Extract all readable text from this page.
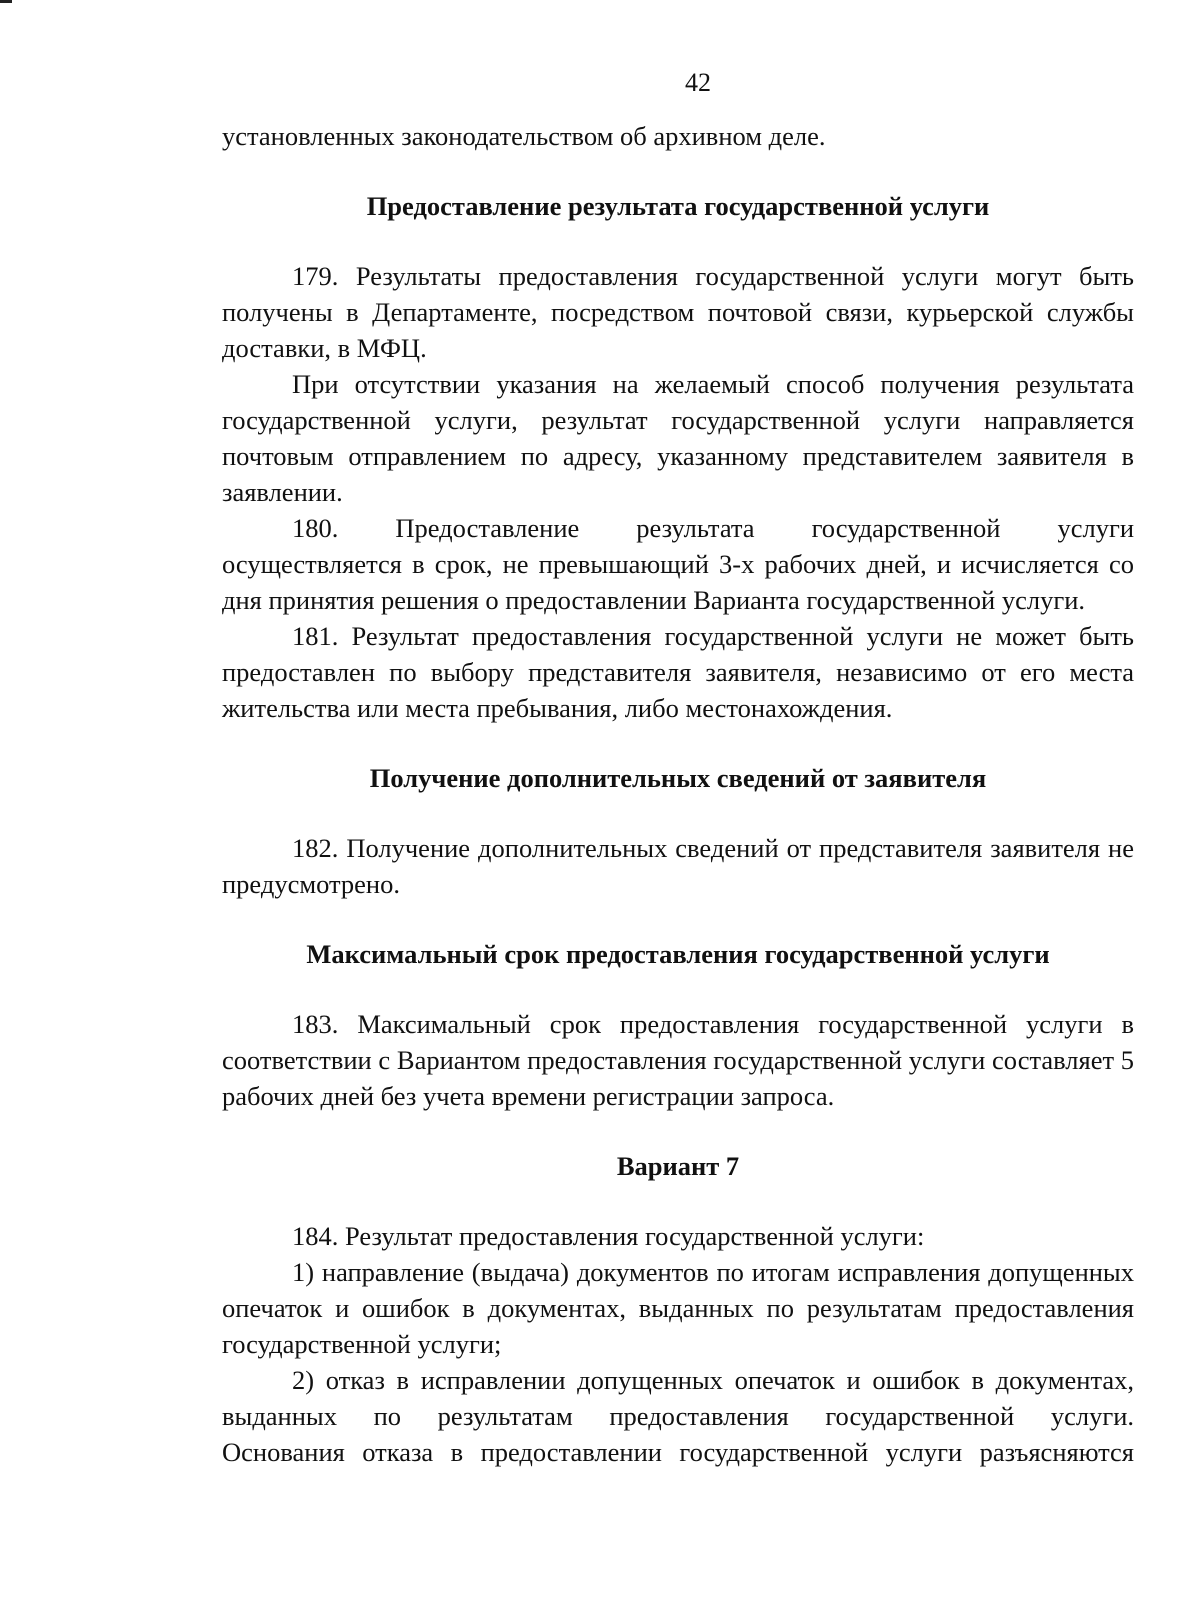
42

установленных законодательством об архивном деле.

Предоставление результата государственной услуги

179. Результаты предоставления государственной услуги могут быть получены в Департаменте, посредством почтовой связи, курьерской службы доставки, в МФЦ.

При отсутствии указания на желаемый способ получения результата государственной услуги, результат государственной услуги направляется почтовым отправлением по адресу, указанному представителем заявителя в заявлении.

180. Предоставление результата государственной услуги

осуществляется в срок, не превышающий 3-х рабочих дней, и исчисляется со дня принятия решения о предоставлении Варианта государственной услуги.

181. Результат предоставления государственной услуги не может быть предоставлен по выбору представителя заявителя, независимо от его места жительства или места пребывания, либо местонахождения.

Получение дополнительных сведений от заявителя

182. Получение дополнительных сведений от представителя заявителя не предусмотрено.

Максимальный срок предоставления государственной услуги

183. Максимальный срок предоставления государственной услуги в соответствии с Вариантом предоставления государственной услуги составляет 5 рабочих дней без учета времени регистрации запроса.

Вариант 7

184. Результат предоставления государственной услуги:

1) направление (выдача) документов по итогам исправления допущенных опечаток и ошибок в документах, выданных по результатам предоставления государственной услуги;

2) отказ в исправлении допущенных опечаток и ошибок в документах, выданных по результатам предоставления государственной услуги.

Основания отказа в предоставлении государственной услуги разъясняются
